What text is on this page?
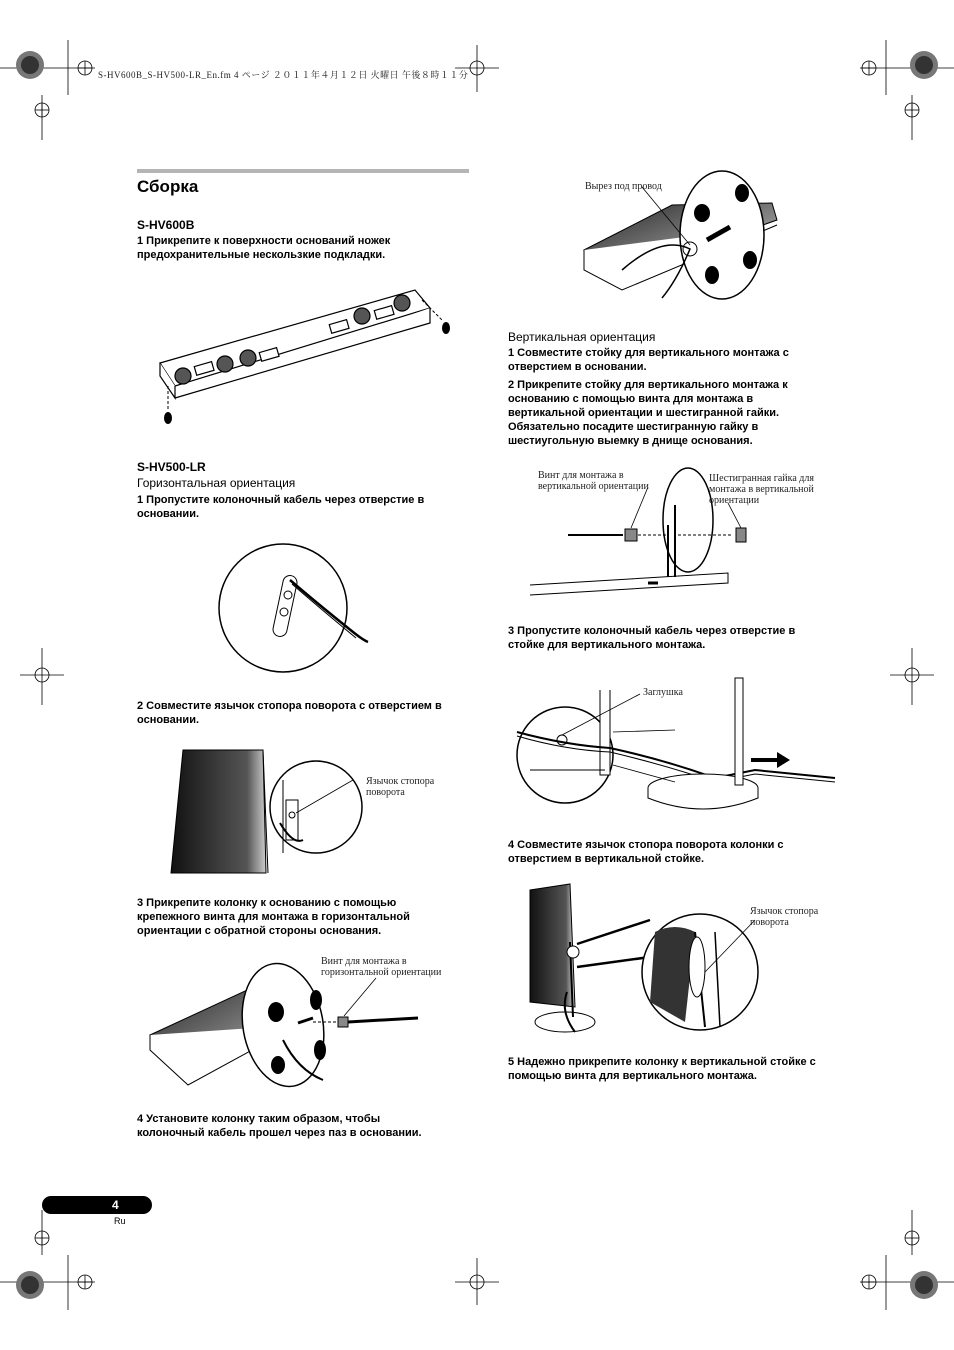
S-HV600B_S-HV500-LR_En.fm 4 ページ ２０１１年４月１２日 火曜日 午後８時１１分
Сборка
S-HV600B
1 Прикрепите к поверхности оснований ножек предохранительные нескользкие подкладки.
S-HV500-LR
Горизонтальная ориентация
1 Пропустите колоночный кабель через отверстие в основании.
2 Совместите язычок стопора поворота с отверстием в основании.
Язычок стопора поворота
3 Прикрепите колонку к основанию с помощью крепежного винта для монтажа в горизонтальной ориентации с обратной стороны основания.
Винт для монтажа в горизонтальной ориентации
4 Установите колонку таким образом, чтобы колоночный кабель прошел через паз в основании.
Вырез под провод
Вертикальная ориентация
1 Совместите стойку для вертикального монтажа с отверстием в основании.
2 Прикрепите стойку для вертикального монтажа к основанию с помощью винта для монтажа в вертикальной ориентации и шестигранной гайки. Обязательно посадите шестигранную гайку в шестиугольную выемку в днище основания.
Винт для монтажа в вертикальной ориентации
Шестигранная гайка для монтажа в вертикальной ориентации
3 Пропустите колоночный кабель через отверстие в стойке для вертикального монтажа.
Заглушка
4 Совместите язычок стопора поворота колонки с отверстием в вертикальной стойке.
Язычок стопора поворота
5 Надежно прикрепите колонку к вертикальной стойке с помощью винта для вертикального монтажа.
4
Ru
